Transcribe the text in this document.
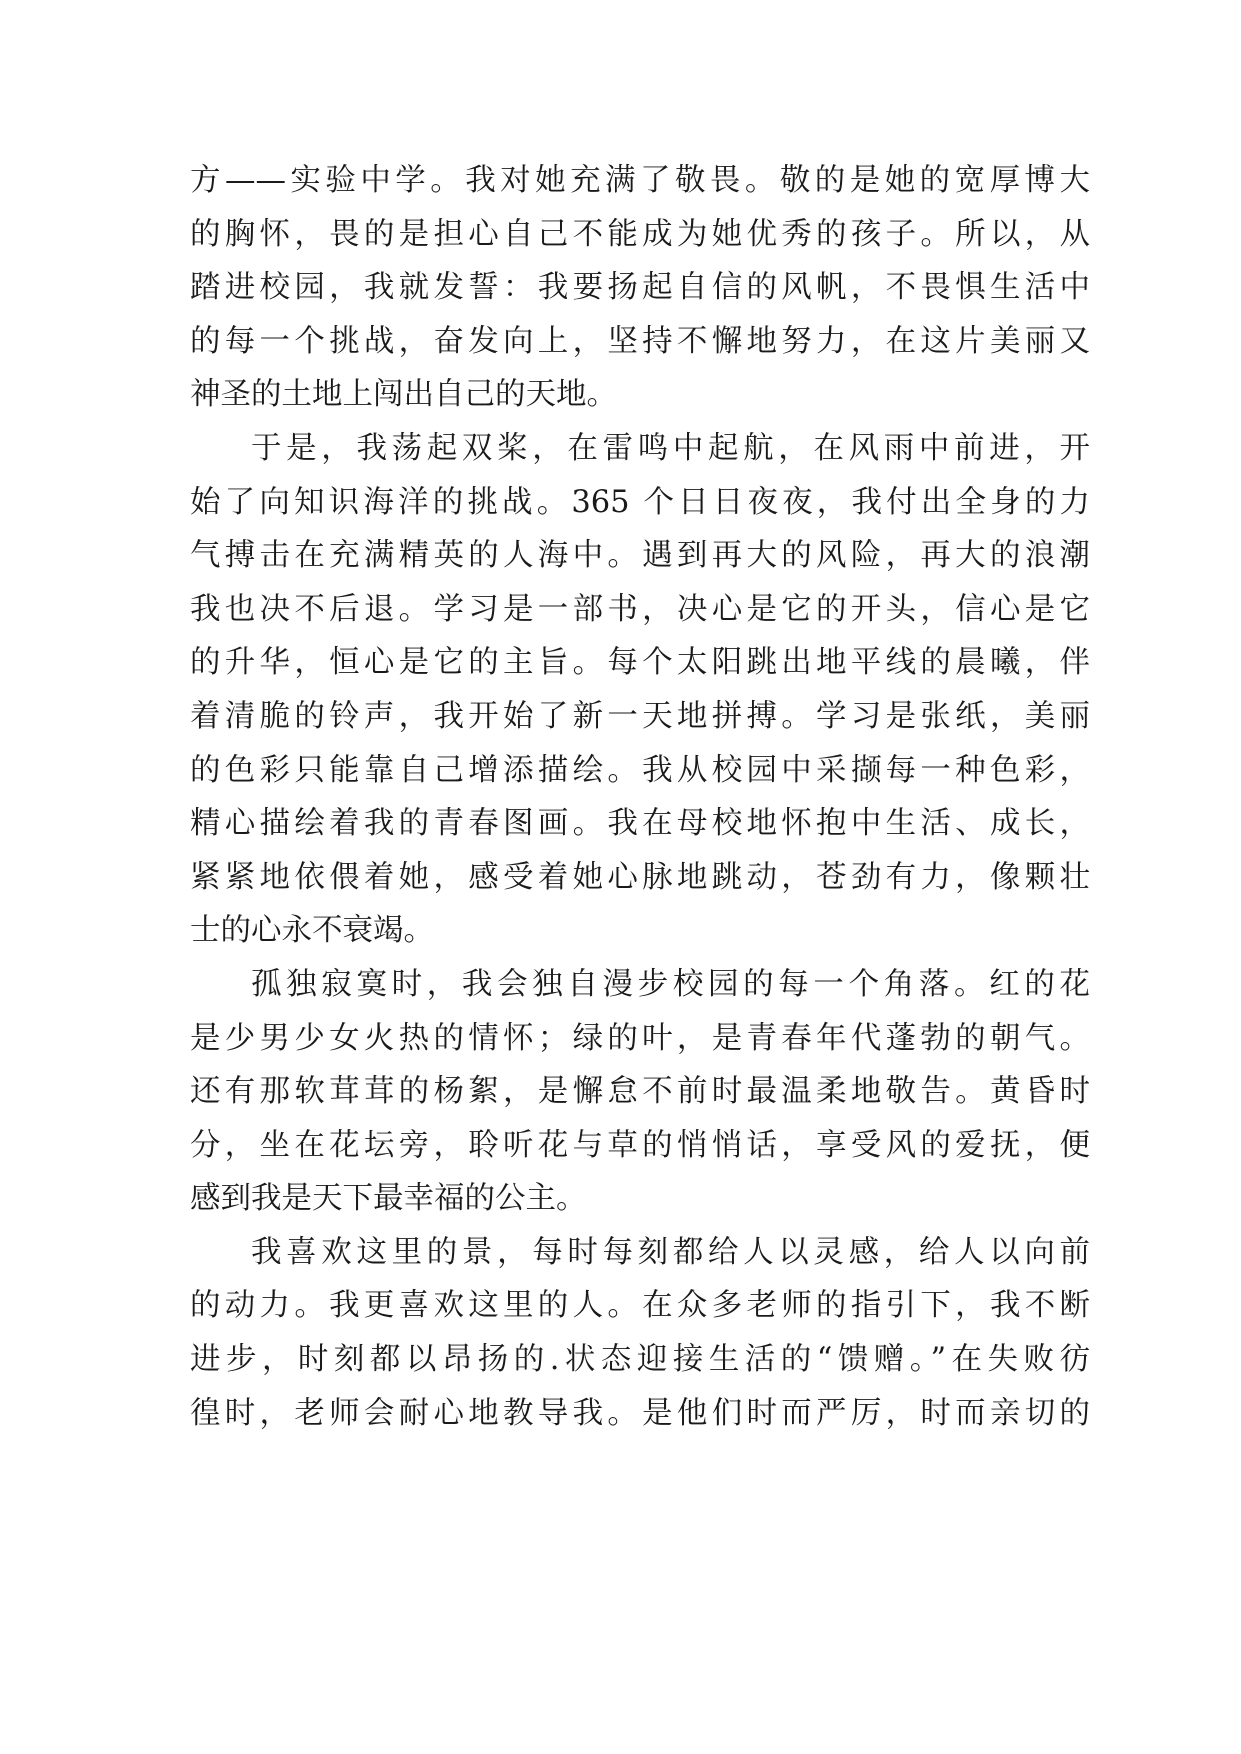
方——实验中学。我对她充满了敬畏。敬的是她的宽厚博大
的胸怀，畏的是担心自己不能成为她优秀的孩子。所以，从
踏进校园，我就发誓：我要扬起自信的风帆，不畏惧生活中
的每一个挑战，奋发向上，坚持不懈地努力，在这片美丽又
神圣的土地上闯出自己的天地。
于是，我荡起双桨，在雷鸣中起航，在风雨中前进，开
始了向知识海洋的挑战。365 个日日夜夜，我付出全身的力
气搏击在充满精英的人海中。遇到再大的风险，再大的浪潮
我也决不后退。学习是一部书，决心是它的开头，信心是它
的升华，恒心是它的主旨。每个太阳跳出地平线的晨曦，伴
着清脆的铃声，我开始了新一天地拼搏。学习是张纸，美丽
的色彩只能靠自己增添描绘。我从校园中采撷每一种色彩，
精心描绘着我的青春图画。我在母校地怀抱中生活、成长，
紧紧地依偎着她，感受着她心脉地跳动，苍劲有力，像颗壮
士的心永不衰竭。
孤独寂寞时，我会独自漫步校园的每一个角落。红的花
是少男少女火热的情怀；绿的叶，是青春年代蓬勃的朝气。
还有那软茸茸的杨絮，是懈怠不前时最温柔地敬告。黄昏时
分，坐在花坛旁，聆听花与草的悄悄话，享受风的爱抚，便
感到我是天下最幸福的公主。
我喜欢这里的景，每时每刻都给人以灵感，给人以向前
的动力。我更喜欢这里的人。在众多老师的指引下，我不断
进步，时刻都以昂扬的.状态迎接生活的“馈赠。”在失败彷
徨时，老师会耐心地教导我。是他们时而严厉，时而亲切的
